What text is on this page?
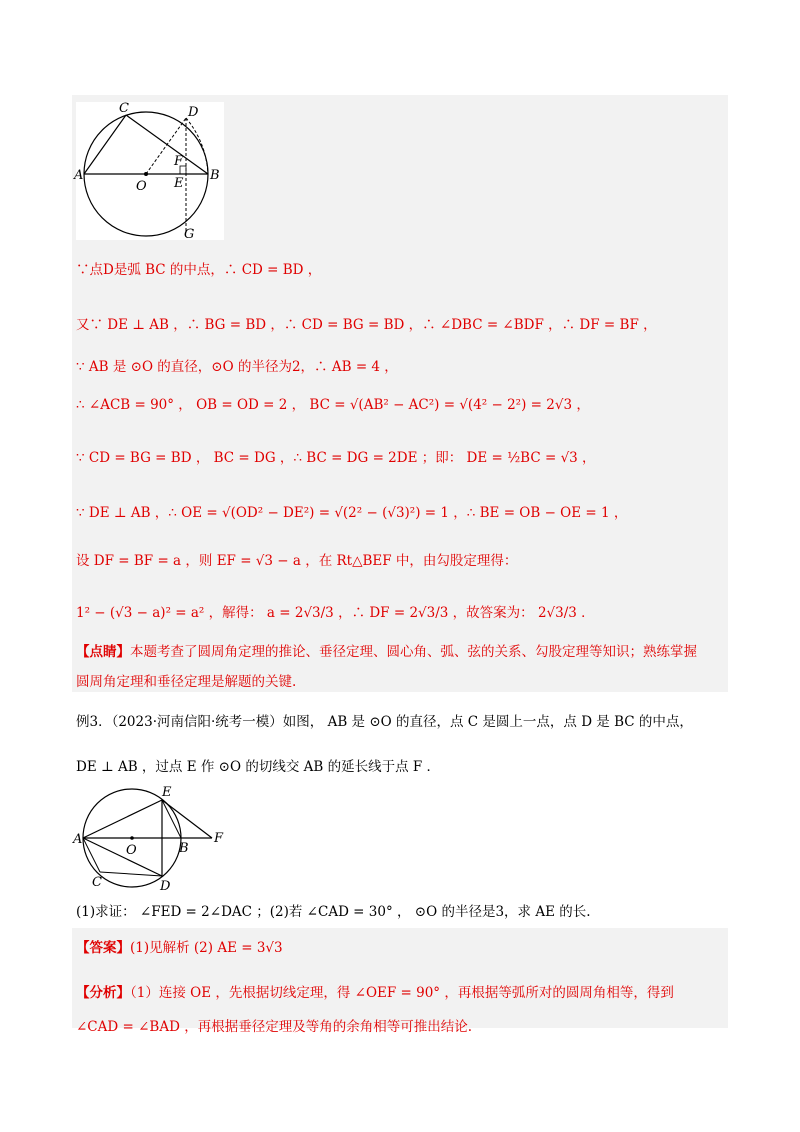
C	D
F
A
O E
B
G
∵点D是弧 BC 的中点，∴ CD = BD ，
又∵ DE ⊥ AB ，∴ BG = BD ，∴ CD = BG = BD ，∴ ∠DBC = ∠BDF ，∴ DF = BF ，
∵ AB 是 ⊙O 的直径，⊙O 的半径为2，∴ AB = 4 ，
∴ ∠ACB = 90° ， OB = OD = 2 ， BC = √(AB² − AC²) = √(4² − 2²) = 2√3 ，
∵ CD = BG = BD ， BC = DG ，∴ BC = DG = 2DE ；即： DE = ½BC = √3 ，
∵ DE ⊥ AB ，∴ OE = √(OD² − DE²) = √(2² − (√3)²) = 1 ，∴ BE = OB − OE = 1 ，
设 DF = BF = a ，则 EF = √3 − a ，在 Rt△BEF 中，由勾股定理得：
1² − (√3 − a)² = a² ，解得： a = 2√3/3 ，∴ DF = 2√3/3 ，故答案为： 2√3/3 ．
【点睛】本题考查了圆周角定理的推论、垂径定理、圆心角、弧、弦的关系、勾股定理等知识；熟练掌握
圆周角定理和垂径定理是解题的关键.
例3．（2023·河南信阳·统考一模）如图， AB 是 ⊙O 的直径，点 C 是圆上一点，点 D 是 BC 的中点，
DE ⊥ AB ，过点 E 作 ⊙O 的切线交 AB 的延长线于点 F ．
E
A
O	B
F
C	D
(1)求证： ∠FED = 2∠DAC ；(2)若 ∠CAD = 30° ， ⊙O 的半径是3，求 AE 的长.
【答案】(1)见解析 (2) AE = 3√3
【分析】（1）连接 OE ，先根据切线定理，得 ∠OEF = 90° ，再根据等弧所对的圆周角相等，得到
∠CAD = ∠BAD ，再根据垂径定理及等角的余角相等可推出结论.
